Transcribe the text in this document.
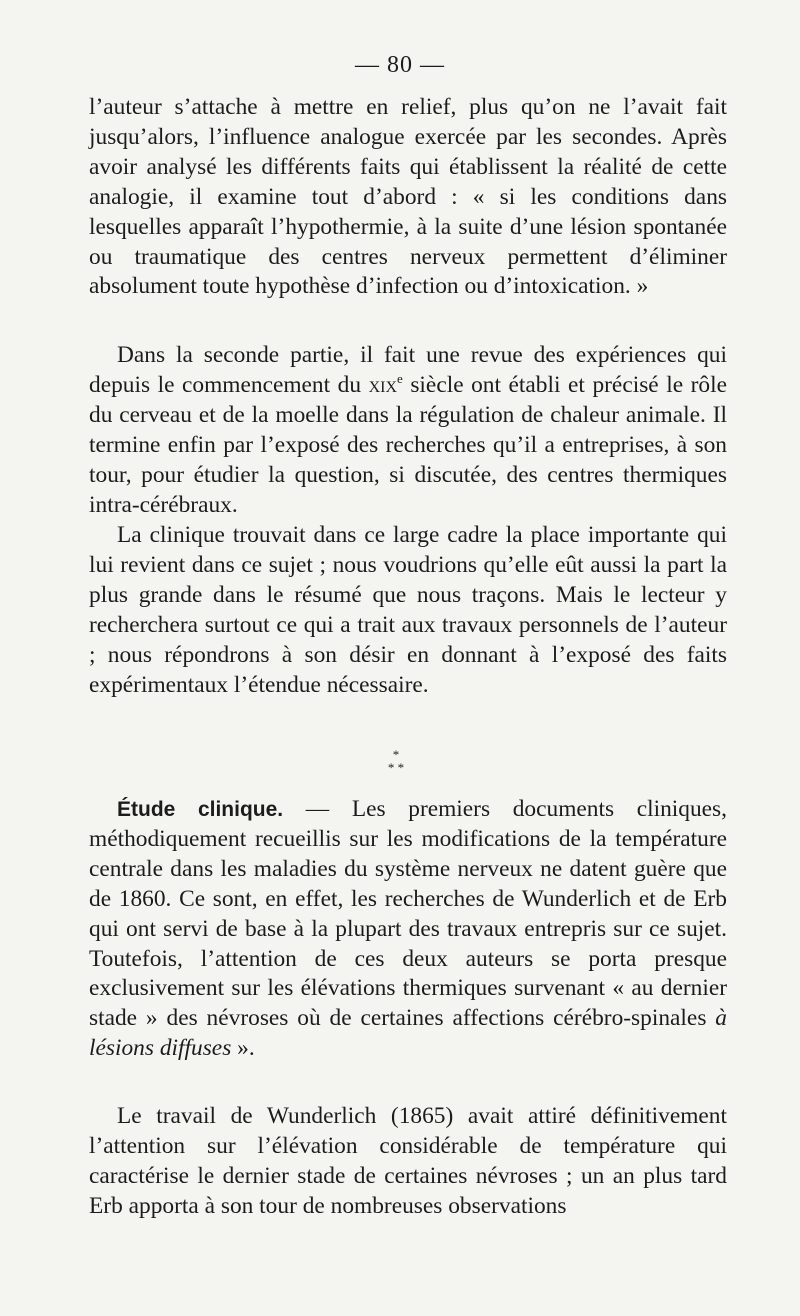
— 80 —

l’auteur s’attache à mettre en relief, plus qu’on ne l’avait fait jusqu’alors, l’influence analogue exercée par les secondes. Après avoir analysé les différents faits qui établissent la réalité de cette analogie, il examine tout d’abord : « si les conditions dans lesquelles apparaît l’hypothermie, à la suite d’une lésion spontanée ou traumatique des centres nerveux permettent d’éliminer absolument toute hypothèse d’infection ou d’intoxication. »

Dans la seconde partie, il fait une revue des expériences qui depuis le commencement du xix$^e$ siècle ont établi et précisé le rôle du cerveau et de la moelle dans la régulation de chaleur animale. Il termine enfin par l’exposé des recherches qu’il a entreprises, à son tour, pour étudier la question, si discutée, des centres thermiques intra-cérébraux.

La clinique trouvait dans ce large cadre la place importante qui lui revient dans ce sujet ; nous voudrions qu’elle eût aussi la part la plus grande dans le résumé que nous traçons. Mais le lecteur y recherchera surtout ce qui a trait aux travaux personnels de l’auteur ; nous répondrons à son désir en donnant à l’exposé des faits expérimentaux l’étendue nécessaire.

*
* *

Étude clinique. — Les premiers documents cliniques, méthodiquement recueillis sur les modifications de la température centrale dans les maladies du système nerveux ne datent guère que de 1860. Ce sont, en effet, les recherches de Wunderlich et de Erb qui ont servi de base à la plupart des travaux entrepris sur ce sujet. Toutefois, l’attention de ces deux auteurs se porta presque exclusivement sur les élévations thermiques survenant « au dernier stade » des névroses où de certaines affections cérébro-spinales à lésions diffuses ».

Le travail de Wunderlich (1865) avait attiré définitivement l’attention sur l’élévation considérable de température qui caractérise le dernier stade de certaines névroses ; un an plus tard Erb apporta à son tour de nombreuses observations
